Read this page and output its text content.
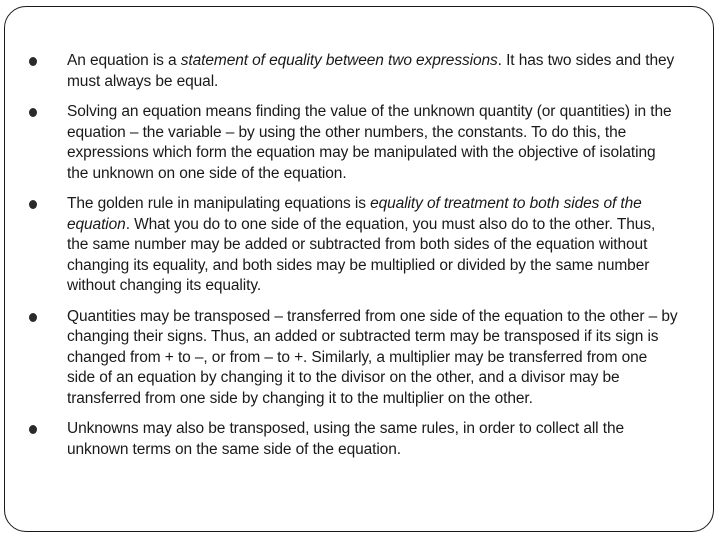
An equation is a statement of equality between two expressions. It has two sides and they must always be equal.
Solving an equation means finding the value of the unknown quantity (or quantities) in the equation – the variable – by using the other numbers, the constants. To do this, the expressions which form the equation may be manipulated with the objective of isolating the unknown on one side of the equation.
The golden rule in manipulating equations is equality of treatment to both sides of the equation. What you do to one side of the equation, you must also do to the other. Thus, the same number may be added or subtracted from both sides of the equation without changing its equality, and both sides may be multiplied or divided by the same number without changing its equality.
Quantities may be transposed – transferred from one side of the equation to the other – by changing their signs. Thus, an added or subtracted term may be transposed if its sign is changed from + to –, or from – to +. Similarly, a multiplier may be transferred from one side of an equation by changing it to the divisor on the other, and a divisor may be transferred from one side by changing it to the multiplier on the other.
Unknowns may also be transposed, using the same rules, in order to collect all the unknown terms on the same side of the equation.
